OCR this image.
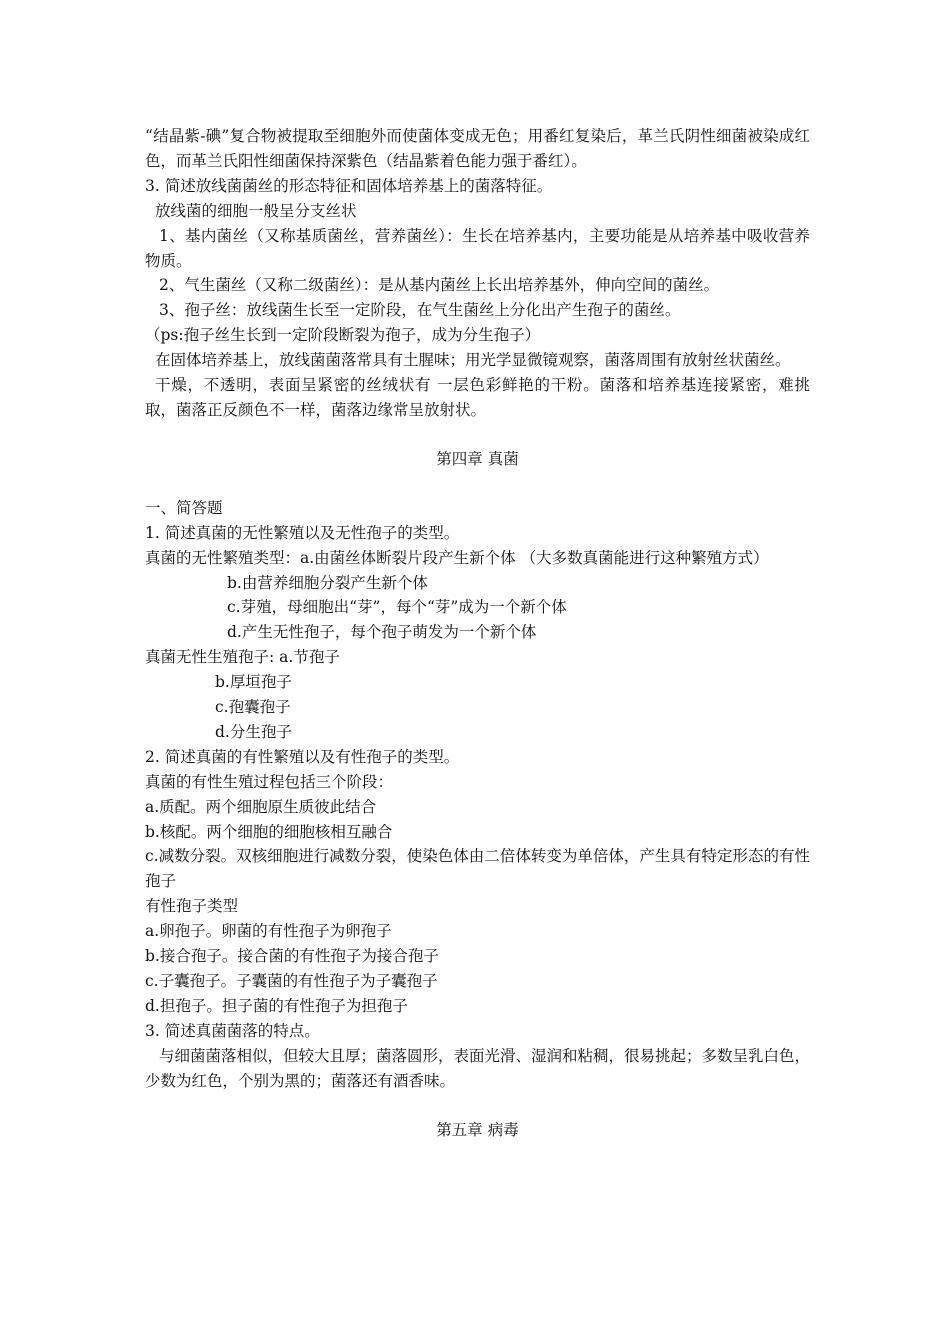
“结晶紫-碘”复合物被提取至细胞外而使菌体变成无色；用番红复染后，革兰氏阴性细菌被染成红色，而革兰氏阳性细菌保持深紫色（结晶紫着色能力强于番红）。

3. 简述放线菌菌丝的形态特征和固体培养基上的菌落特征。

放线菌的细胞一般呈分支丝状

1、基内菌丝（又称基质菌丝，营养菌丝）：生长在培养基内，主要功能是从培养基中吸收营养物质。

2、气生菌丝（又称二级菌丝）：是从基内菌丝上长出培养基外，伸向空间的菌丝。

3、孢子丝：放线菌生长至一定阶段，在气生菌丝上分化出产生孢子的菌丝。

（ps:孢子丝生长到一定阶段断裂为孢子，成为分生孢子）

在固体培养基上，放线菌菌落常具有土腥味；用光学显微镜观察，菌落周围有放射丝状菌丝。

干燥，不透明，表面呈紧密的丝绒状有 一层色彩鲜艳的干粉。菌落和培养基连接紧密，难挑取，菌落正反颜色不一样，菌落边缘常呈放射状。

第四章 真菌

一、简答题

1. 简述真菌的无性繁殖以及无性孢子的类型。

真菌的无性繁殖类型：a.由菌丝体断裂片段产生新个体 （大多数真菌能进行这种繁殖方式）

b.由营养细胞分裂产生新个体

c.芽殖，母细胞出“芽”，每个“芽”成为一个新个体

d.产生无性孢子，每个孢子萌发为一个新个体

真菌无性生殖孢子: a.节孢子

b.厚垣孢子

c.孢囊孢子

d.分生孢子

2. 简述真菌的有性繁殖以及有性孢子的类型。

真菌的有性生殖过程包括三个阶段：

a.质配。两个细胞原生质彼此结合

b.核配。两个细胞的细胞核相互融合

c.减数分裂。双核细胞进行减数分裂，使染色体由二倍体转变为单倍体，产生具有特定形态的有性孢子

有性孢子类型

a.卵孢子。卵菌的有性孢子为卵孢子

b.接合孢子。接合菌的有性孢子为接合孢子

c.子囊孢子。子囊菌的有性孢子为子囊孢子

d.担孢子。担子菌的有性孢子为担孢子

3. 简述真菌菌落的特点。

与细菌菌落相似，但较大且厚；菌落圆形，表面光滑、湿润和粘稠，很易挑起；多数呈乳白色，少数为红色，个别为黑的；菌落还有酒香味。

第五章 病毒
